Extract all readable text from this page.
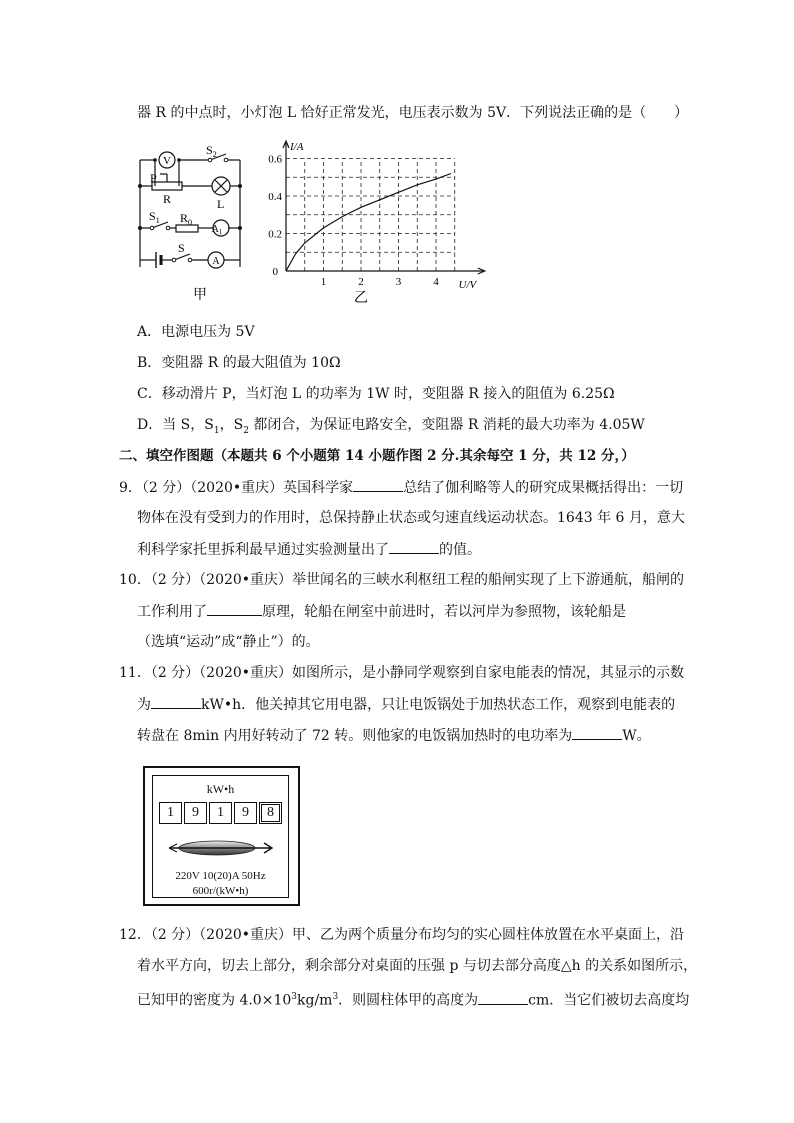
器 R 的中点时，小灯泡 L 恰好正常发光，电压表示数为 5V．下列说法正确的是（　　）
V
$S_2$
P
R	L
$S_1$ $R_0$
$A_1$
S
A
甲
1	2	3	4
0.2
0.4
0.6
0
I/A
U/V
乙
A．电源电压为 5V
B．变阻器 R 的最大阻值为 10Ω
C．移动滑片 P，当灯泡 L 的功率为 1W 时，变阻器 R 接入的阻值为 6.25Ω
D．当 S，$S_1$，$S_2$ 都闭合，为保证电路安全，变阻器 R 消耗的最大功率为 4.05W
二、填空作图题（本题共 6 个小题第 14 小题作图 2 分.其余每空 1 分，共 12 分，）
9．（2 分）（2020•重庆）英国科学家	总结了伽利略等人的研究成果概括得出：一切
物体在没有受到力的作用时，总保持静止状态或匀速直线运动状态。1643 年 6 月，意大
利科学家托里拆利最早通过实验测量出了	的值。
10．（2 分）（2020•重庆）举世闻名的三峡水利枢纽工程的船闸实现了上下游通航，船闸的
工作利用了	原理，轮船在闸室中前进时，若以河岸为参照物，该轮船是
（选填“运动”成“静止”）的。
11．（2 分）（2020•重庆）如图所示，是小静同学观察到自家电能表的情况，其显示的示数
为	kW•h．他关掉其它用电器，只让电饭锅处于加热状态工作，观察到电能表的
转盘在 8min 内用好转动了 72 转。则他家的电饭锅加热时的电功率为	W。
kW•h
1	9	1	9	8
220V 10(20)A 50Hz
600r/(kW•h)
12．（2 分）（2020•重庆）甲、乙为两个质量分布均匀的实心圆柱体放置在水平桌面上，沿
着水平方向，切去上部分，剩余部分对桌面的压强 p 与切去部分高度△h 的关系如图所示，
已知甲的密度为 $4.0\times 10^3kg/m^3$．则圆柱体甲的高度为	cm．当它们被切去高度均
